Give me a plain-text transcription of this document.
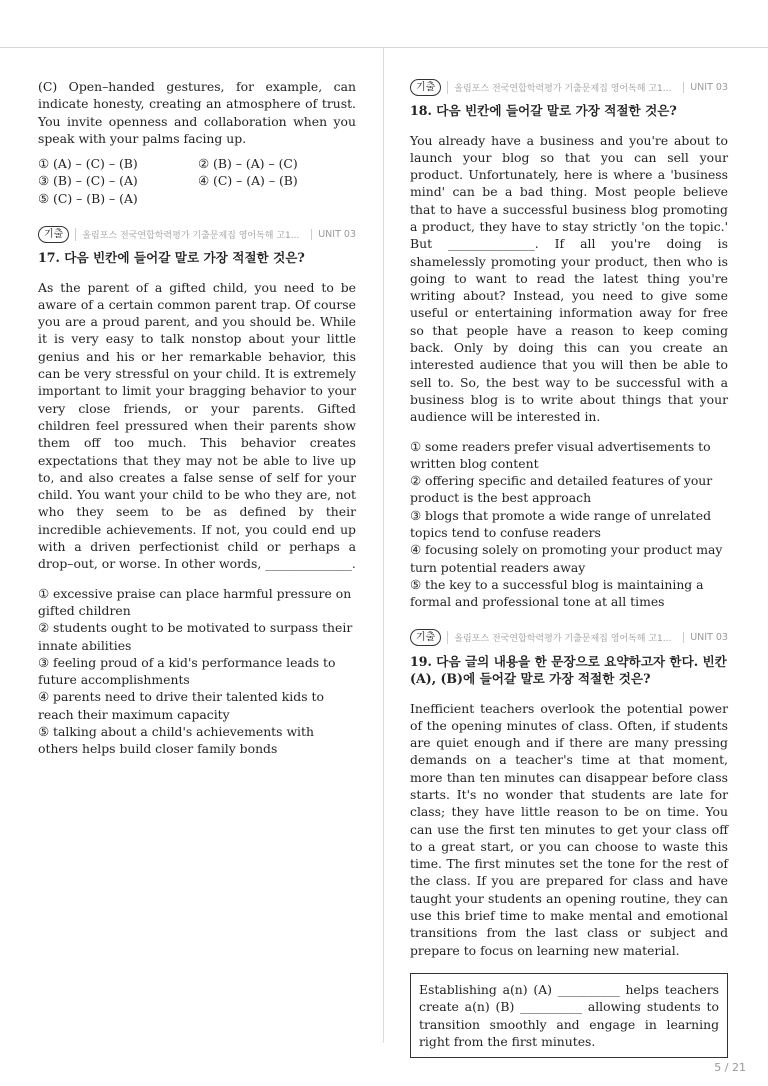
(C) Open–handed gestures, for example, can indicate honesty, creating an atmosphere of trust. You invite openness and collaboration when you speak with your palms facing up.

① (A) – (C) – (B)	② (B) – (A) – (C)
③ (B) – (C) – (A)	④ (C) – (A) – (B)
⑤ (C) – (B) – (A)
기출	올림포스 전국연합학력평가 기출문제집 영어독해 고1...	UNIT 03
17. 다음 빈칸에 들어갈 말로 가장 적절한 것은?

As the parent of a gifted child, you need to be aware of a certain common parent trap. Of course you are a proud parent, and you should be. While it is very easy to talk nonstop about your little genius and his or her remarkable behavior, this can be very stressful on your child. It is extremely important to limit your bragging behavior to your very close friends, or your parents. Gifted children feel pressured when their parents show them off too much. This behavior creates expectations that they may not be able to live up to, and also creates a false sense of self for your child. You want your child to be who they are, not who they seem to be as defined by their incredible achievements. If not, you could end up with a driven perfectionist child or perhaps a drop–out, or worse. In other words, ______________.

① excessive praise can place harmful pressure on gifted children

② students ought to be motivated to surpass their innate abilities

③ feeling proud of a kid's performance leads to future accomplishments

④ parents need to drive their talented kids to reach their maximum capacity

⑤ talking about a child's achievements with others helps build closer family bonds

기출	올림포스 전국연합학력평가 기출문제집 영어독해 고1...	UNIT 03
18. 다음 빈칸에 들어갈 말로 가장 적절한 것은?

You already have a business and you're about to launch your blog so that you can sell your product. Unfortunately, here is where a 'business mind' can be a bad thing. Most people believe that to have a successful business blog promoting a product, they have to stay strictly 'on the topic.' But ______________. If all you're doing is shamelessly promoting your product, then who is going to want to read the latest thing you're writing about? Instead, you need to give some useful or entertaining information away for free so that people have a reason to keep coming back. Only by doing this can you create an interested audience that you will then be able to sell to. So, the best way to be successful with a business blog is to write about things that your audience will be interested in.

① some readers prefer visual advertisements to written blog content

② offering specific and detailed features of your product is the best approach

③ blogs that promote a wide range of unrelated topics tend to confuse readers

④ focusing solely on promoting your product may turn potential readers away

⑤ the key to a successful blog is maintaining a formal and professional tone at all times

기출	올림포스 전국연합학력평가 기출문제집 영어독해 고1...	UNIT 03
19. 다음 글의 내용을 한 문장으로 요약하고자 한다. 빈칸 (A), (B)에 들어갈 말로 가장 적절한 것은?

Inefficient teachers overlook the potential power of the opening minutes of class. Often, if students are quiet enough and if there are many pressing demands on a teacher's time at that moment, more than ten minutes can disappear before class starts. It's no wonder that students are late for class; they have little reason to be on time. You can use the first ten minutes to get your class off to a great start, or you can choose to waste this time. The first minutes set the tone for the rest of the class. If you are prepared for class and have taught your students an opening routine, they can use this brief time to make mental and emotional transitions from the last class or subject and prepare to focus on learning new material.

Establishing a(n) (A) __________ helps teachers create a(n) (B) __________ allowing students to transition smoothly and engage in learning right from the first minutes.

5 / 21
